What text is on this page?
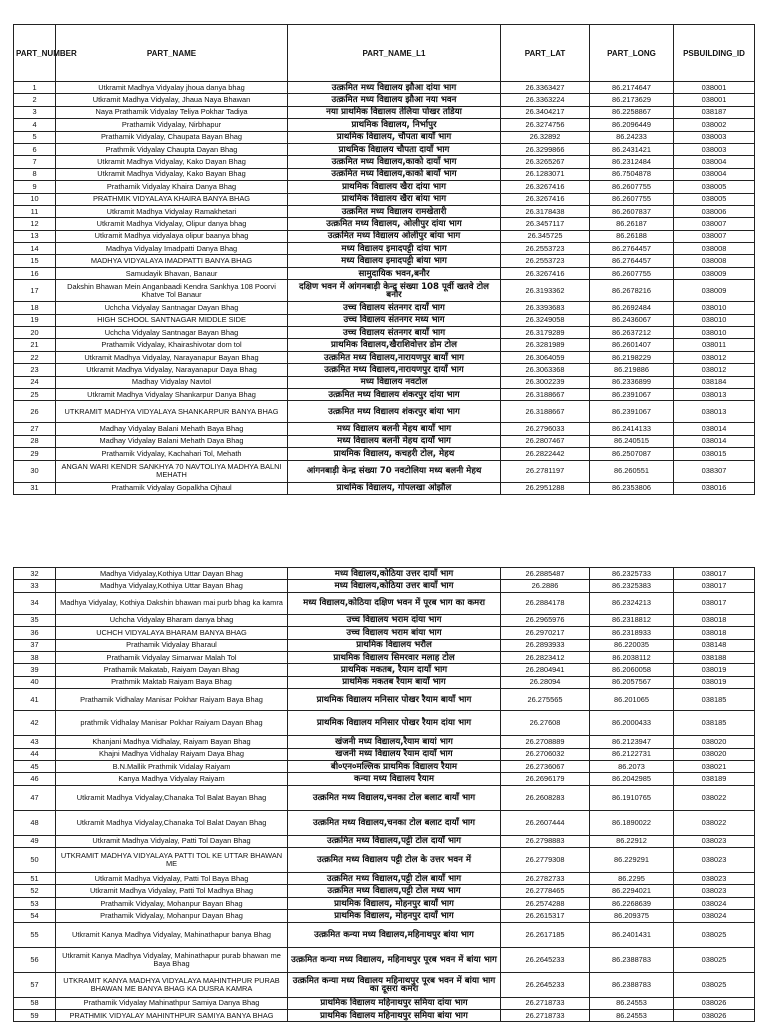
PART_NUMBER	PART_NAME	PART_NAME_L1	PART_LAT	PART_LONG	PSBUILDING_ID
1	Utkramit Madhya Vidyalay jhoua danya bhag	उत्क्रमित मध्य विद्यालय झौआ दांया भाग	26.3363427	86.2174647	038001
2	Utkramit Madhya Vidyalay, Jhaua Naya Bhawan	उत्क्रमित मध्य विद्यालय झौआ नया भवन	26.3363224	86.2173629	038001
3	Naya Prathamik Vidyalay Teliya Pokhar Tadiya	नया प्राथमिक विद्यालय तेलिया पोखर तडिया	26.3404217	86.2258867	038187
4	Prathamik Vidyalay, Nirbhapur	प्राथमिक विद्यालय, निर्भापुर	26.3274756	86.2096449	038002
5	Prathamik Vidyalay, Chaupata Bayan Bhag	प्राथमिक विद्यालय, चौपता बायाँ भाग	26.32892	86.24233	038003
6	Prathmik Vidyalay Chaupta Dayan Bhag	प्राथमिक विद्यालय चौपता दायाँ भाग	26.3299866	86.2431421	038003
7	Utkramit Madhya Vidyalay, Kako Dayan Bhag	उत्क्रमित मध्य विद्यालय,काको दायाँ भाग	26.3265267	86.2312484	038004
8	Utkramit Madhya Vidyalay, Kako Bayan Bhag	उत्क्रमित मध्य विद्यालय,काको बायाँ भाग	26.1283071	86.7504878	038004
9	Prathamik Vidyalay Khaira Danya Bhag	प्राथमिक विद्यालय खैरा दांया भाग	26.3267416	86.2607755	038005
10	PRATHMIK VIDYALAYA KHAIRA BANYA BHAG	प्राथमिक विद्यालय खैरा बांया भाग	26.3267416	86.2607755	038005
11	Utkramit Madhya Vidyalay Ramakhetari	उत्क्रमित मध्य विद्यालय रामखेतारी	26.3178438	86.2607837	038006
12	Utkramit Madhya Vidyalay, Olipur danya bhag	उत्क्रमित मध्य विद्यालय, ओलीपुर दांया भाग	26.3457117	86.26187	038007
13	Utkramit Madhya vidyalaya olipur baanya bhag	उत्क्रमित मध्य विद्यालय ओलीपुर बांया भाग	26.345725	86.26188	038007
14	Madhya Vidyalay Imadpatti Danya Bhag	मध्य विद्यालय इमादपट्टी दांया भाग	26.2553723	86.2764457	038008
15	MADHYA VIDYALAYA IMADPATTI BANYA BHAG	मध्य विद्यालय इमादपट्टी बांया भाग	26.2553723	86.2764457	038008
16	Samudayik Bhavan, Banaur	सामुदायिक भवन,बनौर	26.3267416	86.2607755	038009
17	Dakshin Bhawan Mein Anganbaadi Kendra Sankhya 108 Poorvi Khatve Tol Banaur	दक्षिण भवन में आंगनबाड़ी केन्द्र संख्या 108 पूर्वी खतवे टोल बनौर	26.3193362	86.2678216	038009
18	Uchcha Vidyalay Santnagar Dayan Bhag	उच्च विद्यालय संतनगर दायाँ भाग	26.3393683	86.2692484	038010
19	HIGH SCHOOL SANTNAGAR MIDDLE SIDE	उच्च विद्यालय संतनगर मध्य भाग	26.3249058	86.2436067	038010
20	Uchcha Vidyalay Santnagar Bayan Bhag	उच्च विद्यालय संतनगर बायाँ भाग	26.3179289	86.2637212	038010
21	Prathamik Vidyalay, Khairashivotar dom tol	प्राथमिक विद्यालय,खैराशिवोत्तर डोम टोल	26.3281989	86.2601407	038011
22	Utkramit Madhya Vidyalay, Narayanapur Bayan Bhag	उत्क्रमित मध्य विद्यालय,नारायणपुर बायाँ भाग	26.3064059	86.2198229	038012
23	Utkramit Madhya Vidyalay, Narayanapur Daya Bhag	उत्क्रमित मध्य विद्यालय,नारायणपुर दायाँ भाग	26.3063368	86.219886	038012
24	Madhay Vidyalay Navtol	मध्य विद्यालय नवटोल	26.3002239	86.2336899	038184
25	Utkramit Madhya Vidyalay Shankarpur Danya Bhag	उत्क्रमित मध्य विद्यालय शंकरपुर दांया भाग	26.3188667	86.2391067	038013
26	UTKRAMIT MADHYA VIDYALAYA SHANKARPUR BANYA BHAG	उत्क्रमित मध्य विद्यालय शंकरपुर बांया भाग	26.3188667	86.2391067	038013
27	Madhay Vidyalay Balani Mehath Baya Bhag	मध्य विद्यालय बलनी मेहथ बायाँ भाग	26.2796033	86.2414133	038014
28	Madhay Vidyalay Balani Mehath Daya Bhag	मध्य विद्यालय बलनी मेहथ दायाँ भाग	26.2807467	86.240515	038014
29	Prathamik Vidyalay, Kachahari Tol, Mehath	प्राथमिक विद्यालय, कचहरी टोल, मेहथ	26.2822442	86.2507087	038015
30	ANGAN WARI KENDR SANKHYA 70 NAVTOLIYA MADHYA BALNI MEHATH	आंगनबाड़ी केन्द्र संख्या 70 नवटोलिया मध्य बलनी मेहथ	26.2781197	86.260551	038307
31	Prathamik Vidyalay Gopalkha Ojhaul	प्राथमिक विद्यालय, गोपलखा ओझौल	26.2951288	86.2353806	038016
32	Madhya Vidyalay,Kothiya Uttar Dayan Bhag	मध्य विद्यालय,कोठिया उत्तर दायाँ भाग	26.2885487	86.2325733	038017
33	Madhya Vidyalay,Kothiya Uttar Bayan Bhag	मध्य विद्यालय,कोठिया उत्तर बायाँ भाग	26.2886	86.2325383	038017
34	Madhya Vidyalay, Kothiya Dakshin bhawan mai purb bhag ka kamra	मध्य विद्यालय,कोठिया दक्षिण भवन में पूरब भाग का कमरा	26.2884178	86.2324213	038017
35	Uchcha Vidyalay Bharam danya bhag	उच्च विद्यालय भराम दांया भाग	26.2965976	86.2318812	038018
36	UCHCH VIDYALAYA BHARAM BANYA BHAG	उच्च विद्यालय भराम बांया भाग	26.2970217	86.2318933	038018
37	Prathamik Vidyalay Bharaul	प्राथमिक विद्यालय भरौल	26.2893933	86.220035	038148
38	Prathamik Vidyalay Simarwar Malah Tol	प्राथमिक विद्यालय सिमरवार मलाह टोल	26.2823412	86.2038112	038188
39	Prathamik Makatab, Raiyam Dayan Bhag	प्राथमिक मकतब, रैयाम दायाँ भाग	26.2804941	86.2060058	038019
40	Prathmik Maktab Raiyam Baya Bhag	प्राथमिक मकतब रैयाम बायाँ भाग	26.28094	86.2057567	038019
41	Prathamik Vidhalay Manisar Pokhar Raiyam Baya Bhag	प्राथमिक विद्यालय मनिसार पोखर रैयाम बायाँ भाग	26.275565	86.201065	038185
42	prathmik Vidhalay Manisar Pokhar Raiyam Dayan Bhag	प्राथमिक विद्यालय मनिसार पोखर रैयाम दांया भाग	26.27608	86.2000433	038185
43	Khanjani Madhya Vidhalay, Raiyam Bayan Bhag	खंजनी मध्य विद्यालय,रैयाम बायां भाग	26.2708889	86.2123947	038020
44	Khajni Madhya Vidhalay Raiyam Daya Bhag	खजनी मध्य विद्यालय रैयाम दायाँ भाग	26.2706032	86.2122731	038020
45	B.N.Mallik Prathmik Vidalay Raiyam	बी०एन०मल्लिक प्राथमिक विद्यालय रैयाम	26.2736067	86.2073	038021
46	Kanya Madhya Vidyalay Raiyam	कन्या मध्य विद्यालय रैयाम	26.2696179	86.2042985	038189
47	Utkramit Madhya Vidyalay,Chanaka Tol Balat Bayan Bhag	उत्क्रमित मध्य विद्यालय,चनका टोल बलाट बायाँ भाग	26.2608283	86.1910765	038022
48	Utkramit Madhya Vidyalay,Chanaka Tol Balat Dayan Bhag	उत्क्रमित मध्य विद्यालय,चनका टोल बलाट दायाँ भाग	26.2607444	86.1890022	038022
49	Utkramit Madhya Vidyalay, Patti Tol Dayan Bhag	उत्क्रमित मध्य विद्यालय,पट्टी टोल दायाँ भाग	26.2798883	86.22912	038023
50	UTKRAMIT MADHYA VIDYALAYA PATTI TOL KE UTTAR BHAWAN ME	उत्क्रमित मध्य विद्यालय पट्टी टोल के उत्तर भवन में	26.2779308	86.229291	038023
51	Utkramit Madhya Vidyalay, Patti Tol Baya Bhag	उत्क्रमित मध्य विद्यालय,पट्टी टोल बायाँ भाग	26.2782733	86.2295	038023
52	Utkramit Madhya Vidyalay, Patti Tol Madhya Bhag	उत्क्रमित मध्य विद्यालय,पट्टी टोल मध्य भाग	26.2778465	86.2294021	038023
53	Prathamik Vidyalay, Mohanpur Bayan Bhag	प्राथमिक विद्यालय, मोहनपुर बायाँ भाग	26.2574288	86.2268639	038024
54	Prathamik Vidyalay, Mohanpur Dayan Bhag	प्राथमिक विद्यालय, मोहनपुर दायाँ भाग	26.2615317	86.209375	038024
55	Utkramit Kanya Madhya Vidyalay, Mahinathapur banya Bhag	उत्क्रमित कन्या मध्य विद्यालय,महिनाथपुर बांया भाग	26.2617185	86.2401431	038025
56	Utkramit Kanya Madhya Vidyalay, Mahinathapur purab bhawan me Baya Bhag	उत्क्रमित कन्या मध्य विद्यालय, महिनाथपुर पूरब भवन में बांया भाग	26.2645233	86.2388783	038025
57	UTKRAMIT KANYA MADHYA VIDYALAYA MAHINTHPUR PURAB BHAWAN ME BANYA BHAG KA DUSRA KAMRA	उत्क्रमित कन्या मध्य विद्यालय महिनाथपुर पूरब भवन में बांया भाग का दूसरा कमरा	26.2645233	86.2388783	038025
58	Prathamik Vidyalay Mahinathpur Samiya Danya Bhag	प्राथमिक विद्यालय महिनाथपुर समिया दांया भाग	26.2718733	86.24553	038026
59	PRATHMIK VIDYALAY MAHINTHPUR SAMIYA BANYA BHAG	प्राथमिक विद्यालय महिनाथपुर समिया बांया भाग	26.2718733	86.24553	038026
